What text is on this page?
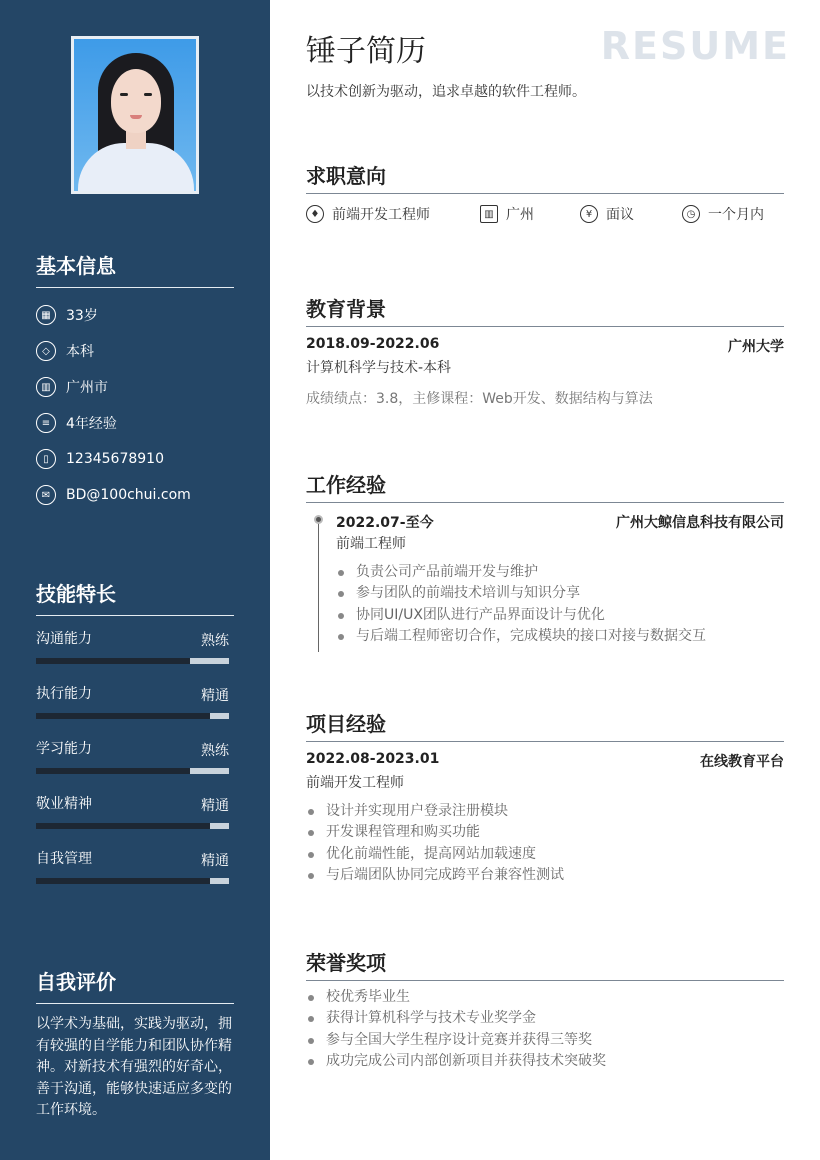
基本信息
▦	33岁
◇	本科
▥	广州市
≡	4年经验
▯	12345678910
✉	BD@100chui.com
技能特长
沟通能力	熟练
执行能力	精通
学习能力	熟练
敬业精神	精通
自我管理	精通
自我评价

以学术为基础，实践为驱动，拥有较强的自学能力和团队协作精神。对新技术有强烈的好奇心，善于沟通，能够快速适应多变的工作环境。

锤子简历	RESUME

以技术创新为驱动，追求卓越的软件工程师。

求职意向
♦ 前端开发工程师	▥ 广州	¥ 面议	◷ 一个月内
教育背景
2018.09-2022.06	广州大学
计算机科学与技术-本科
成绩绩点：3.8，主修课程：Web开发、数据结构与算法
工作经验
2022.07-至今	广州大鲸信息科技有限公司
前端工程师
负责公司产品前端开发与维护
参与团队的前端技术培训与知识分享
协同UI/UX团队进行产品界面设计与优化
与后端工程师密切合作，完成模块的接口对接与数据交互
项目经验
2022.08-2023.01	在线教育平台
前端开发工程师
设计并实现用户登录注册模块
开发课程管理和购买功能
优化前端性能，提高网站加载速度
与后端团队协同完成跨平台兼容性测试
荣誉奖项
校优秀毕业生
获得计算机科学与技术专业奖学金
参与全国大学生程序设计竞赛并获得三等奖
成功完成公司内部创新项目并获得技术突破奖
